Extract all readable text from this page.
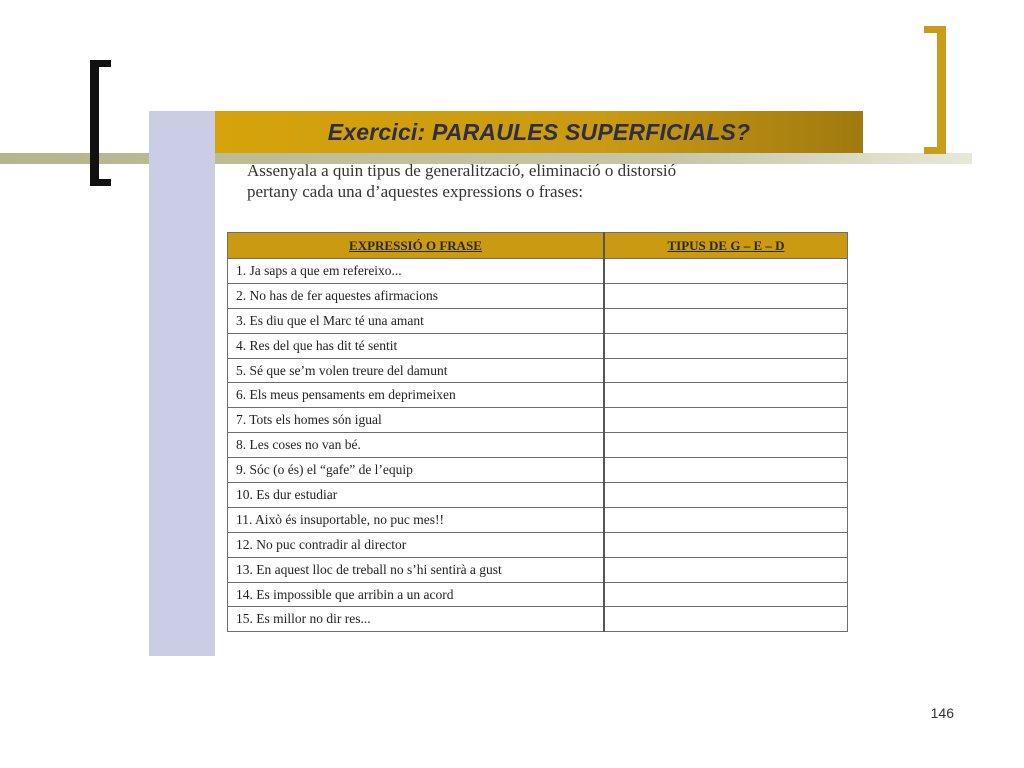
Exercici: PARAULES SUPERFICIALS?
Assenyala a quin tipus de generalització, eliminació o distorsió
pertany cada una d’aquestes expressions o frases:
EXPRESSIÓ O FRASE	TIPUS DE G – E – D
1. Ja saps a que em refereixo...	
2. No has de fer aquestes afirmacions	
3. Es diu que el Marc té una amant	
4. Res del que has dit té sentit	
5. Sé que se’m volen treure del damunt	
6. Els meus pensaments em deprimeixen	
7. Tots els homes són igual	
8. Les coses no van bé.	
9. Sóc (o és) el “gafe” de l’equip	
10. Es dur estudiar	
11. Això és insuportable, no puc mes!!	
12. No puc contradir al director	
13. En aquest lloc de treball no s’hi sentirà a gust	
14. Es impossible que arribin a un acord	
15. Es millor no dir res...	
146
